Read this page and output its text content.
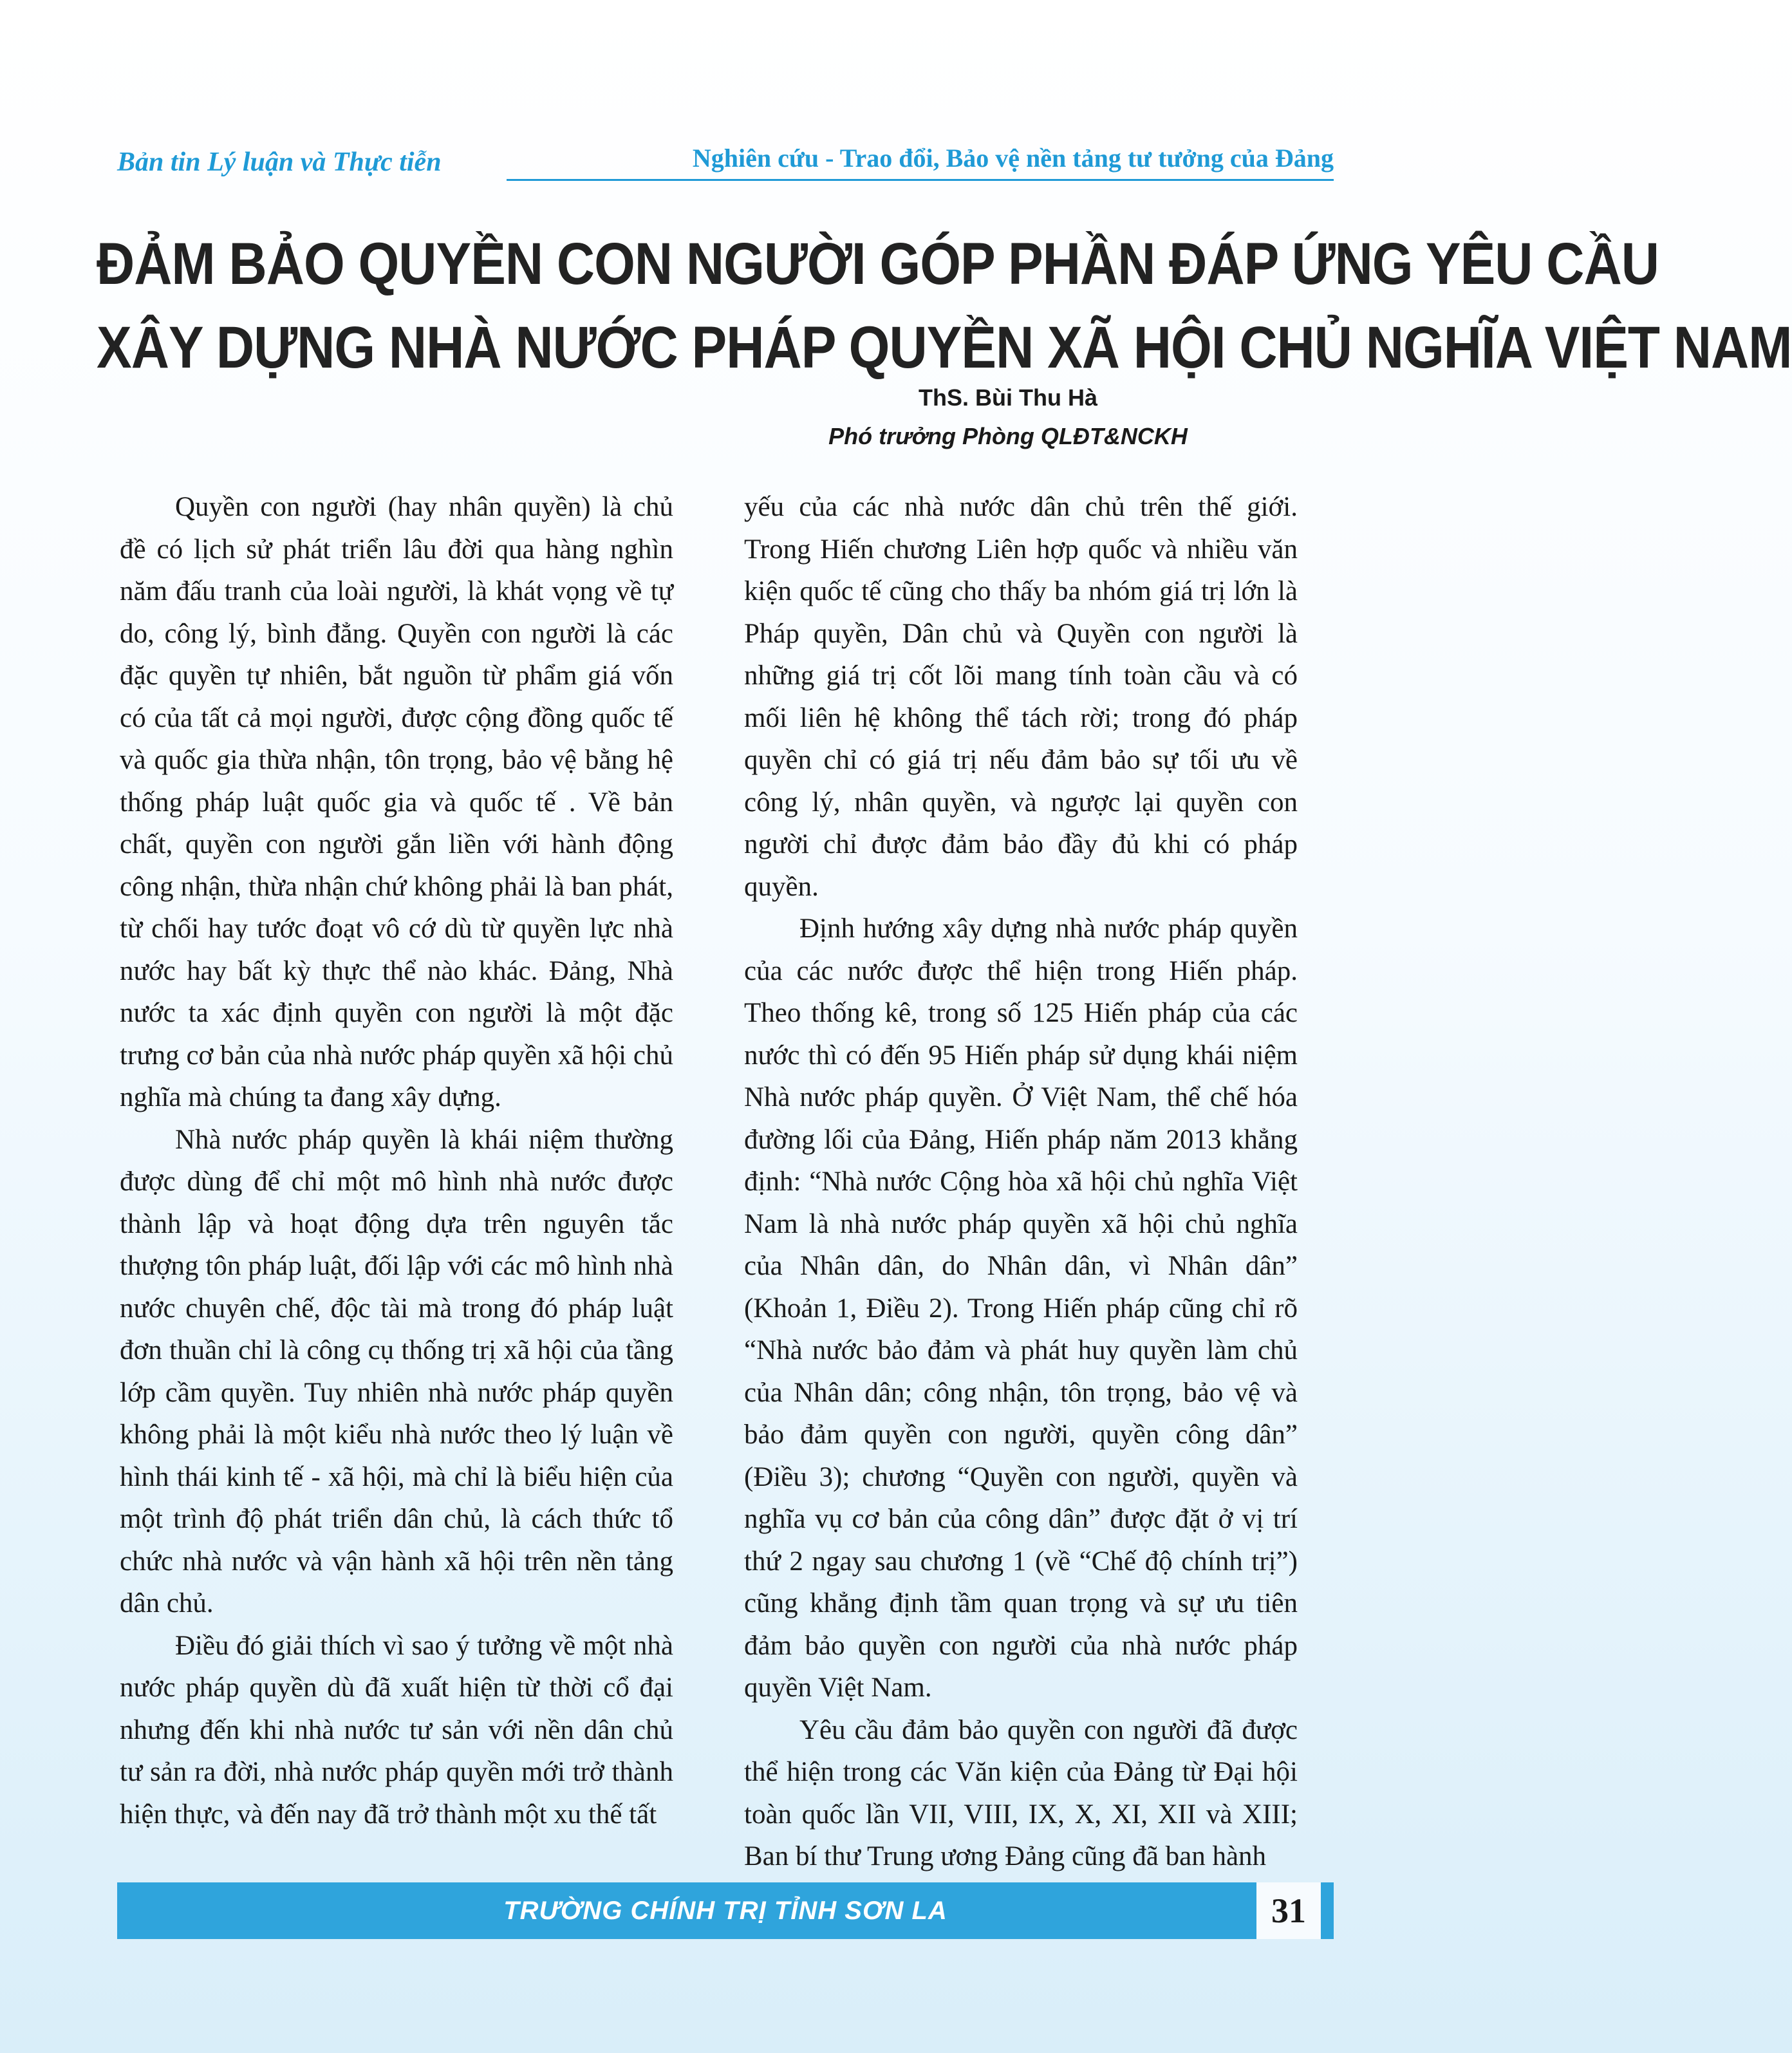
Bản tin Lý luận và Thực tiễn	Nghiên cứu - Trao đổi, Bảo vệ nền tảng tư tưởng của Đảng
ĐẢM BẢO QUYỀN CON NGƯỜI GÓP PHẦN ĐÁP ỨNG YÊU CẦU
XÂY DỰNG NHÀ NƯỚC PHÁP QUYỀN XÃ HỘI CHỦ NGHĨA VIỆT NAM
ThS. Bùi Thu Hà
Phó trưởng Phòng QLĐT&NCKH

Quyền con người (hay nhân quyền) là chủ đề có lịch sử phát triển lâu đời qua hàng nghìn năm đấu tranh của loài người, là khát vọng về tự do, công lý, bình đẳng. Quyền con người là các đặc quyền tự nhiên, bắt nguồn từ phẩm giá vốn có của tất cả mọi người, được cộng đồng quốc tế và quốc gia thừa nhận, tôn trọng, bảo vệ bằng hệ thống pháp luật quốc gia và quốc tế . Về bản chất, quyền con người gắn liền với hành động công nhận, thừa nhận chứ không phải là ban phát, từ chối hay tước đoạt vô cớ dù từ quyền lực nhà nước hay bất kỳ thực thể nào khác. Đảng, Nhà nước ta xác định quyền con người là một đặc trưng cơ bản của nhà nước pháp quyền xã hội chủ nghĩa mà chúng ta đang xây dựng.

Nhà nước pháp quyền là khái niệm thường được dùng để chỉ một mô hình nhà nước được thành lập và hoạt động dựa trên nguyên tắc thượng tôn pháp luật, đối lập với các mô hình nhà nước chuyên chế, độc tài mà trong đó pháp luật đơn thuần chỉ là công cụ thống trị xã hội của tầng lớp cầm quyền. Tuy nhiên nhà nước pháp quyền không phải là một kiểu nhà nước theo lý luận về hình thái kinh tế - xã hội, mà chỉ là biểu hiện của một trình độ phát triển dân chủ, là cách thức tổ chức nhà nước và vận hành xã hội trên nền tảng dân chủ.

Điều đó giải thích vì sao ý tưởng về một nhà nước pháp quyền dù đã xuất hiện từ thời cổ đại nhưng đến khi nhà nước tư sản với nền dân chủ tư sản ra đời, nhà nước pháp quyền mới trở thành hiện thực, và đến nay đã trở thành một xu thế tất

yếu của các nhà nước dân chủ trên thế giới. Trong Hiến chương Liên hợp quốc và nhiều văn kiện quốc tế cũng cho thấy ba nhóm giá trị lớn là Pháp quyền, Dân chủ và Quyền con người là những giá trị cốt lõi mang tính toàn cầu và có mối liên hệ không thể tách rời; trong đó pháp quyền chỉ có giá trị nếu đảm bảo sự tối ưu về công lý, nhân quyền, và ngược lại quyền con người chỉ được đảm bảo đầy đủ khi có pháp quyền.

Định hướng xây dựng nhà nước pháp quyền của các nước được thể hiện trong Hiến pháp. Theo thống kê, trong số 125 Hiến pháp của các nước thì có đến 95 Hiến pháp sử dụng khái niệm Nhà nước pháp quyền. Ở Việt Nam, thể chế hóa đường lối của Đảng, Hiến pháp năm 2013 khẳng định: “Nhà nước Cộng hòa xã hội chủ nghĩa Việt Nam là nhà nước pháp quyền xã hội chủ nghĩa của Nhân dân, do Nhân dân, vì Nhân dân” (Khoản 1, Điều 2). Trong Hiến pháp cũng chỉ rõ “Nhà nước bảo đảm và phát huy quyền làm chủ của Nhân dân; công nhận, tôn trọng, bảo vệ và bảo đảm quyền con người, quyền công dân” (Điều 3); chương “Quyền con người, quyền và nghĩa vụ cơ bản của công dân” được đặt ở vị trí thứ 2 ngay sau chương 1 (về “Chế độ chính trị”) cũng khẳng định tầm quan trọng và sự ưu tiên đảm bảo quyền con người của nhà nước pháp quyền Việt Nam.

Yêu cầu đảm bảo quyền con người đã được thể hiện trong các Văn kiện của Đảng từ Đại hội toàn quốc lần VII, VIII, IX, X, XI, XII và XIII; Ban bí thư Trung ương Đảng cũng đã ban hành

TRƯỜNG CHÍNH TRỊ TỈNH SƠN LA	31
